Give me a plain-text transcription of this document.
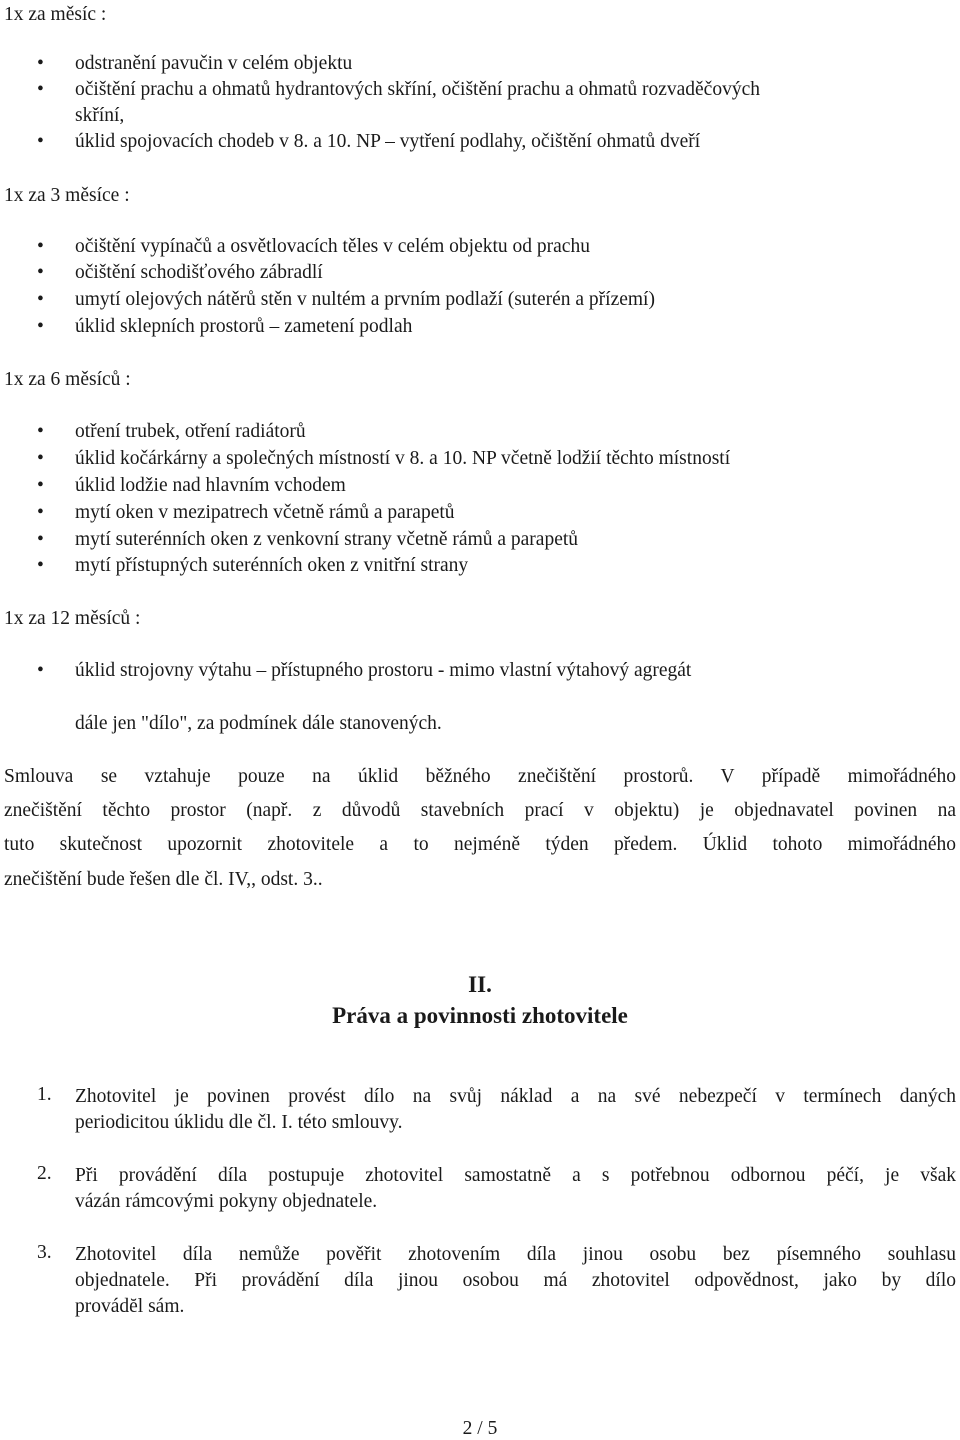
1x za měsíc :
• odstranění pavučin v celém objektu
• očištění prachu a ohmatů hydrantových skříní, očištění prachu a ohmatů rozvaděčových
skříní,
• úklid spojovacích chodeb v 8. a 10. NP – vytření podlahy, očištění ohmatů dveří
1x za 3 měsíce :
• očištění vypínačů a osvětlovacích těles v celém objektu od prachu
• očištění schodišťového zábradlí
• umytí olejových nátěrů stěn v nultém a prvním podlaží (suterén a přízemí)
• úklid sklepních prostorů – zametení podlah
1x za 6 měsíců :
• otření trubek, otření radiátorů
• úklid kočárkárny a společných místností v 8. a 10. NP včetně lodžií těchto místností
• úklid lodžie nad hlavním vchodem
• mytí oken v mezipatrech včetně rámů a parapetů
• mytí suterénních oken z venkovní strany včetně rámů a parapetů
• mytí přístupných suterénních oken z vnitřní strany
1x za 12 měsíců :
• úklid strojovny výtahu – přístupného prostoru - mimo vlastní výtahový agregát
dále jen "dílo", za podmínek dále stanovených.
Smlouva se vztahuje pouze na úklid běžného znečištění prostorů. V případě mimořádného
znečištění těchto prostor (např. z důvodů stavebních prací v objektu) je objednavatel povinen na
tuto skutečnost upozornit zhotovitele a to nejméně týden předem. Úklid tohoto mimořádného
znečištění bude řešen dle čl. IV,, odst. 3..
II.
Práva a povinnosti zhotovitele
1. Zhotovitel je povinen provést dílo na svůj náklad a na své nebezpečí v termínech daných
periodicitou úklidu dle čl. I. této smlouvy.
2. Při provádění díla postupuje zhotovitel samostatně a s potřebnou odbornou péčí, je však
vázán rámcovými pokyny objednatele.
3. Zhotovitel díla nemůže pověřit zhotovením díla jinou osobu bez písemného souhlasu
objednatele. Při provádění díla jinou osobou má zhotovitel odpovědnost, jako by dílo
provádĕl sám.
2 / 5
